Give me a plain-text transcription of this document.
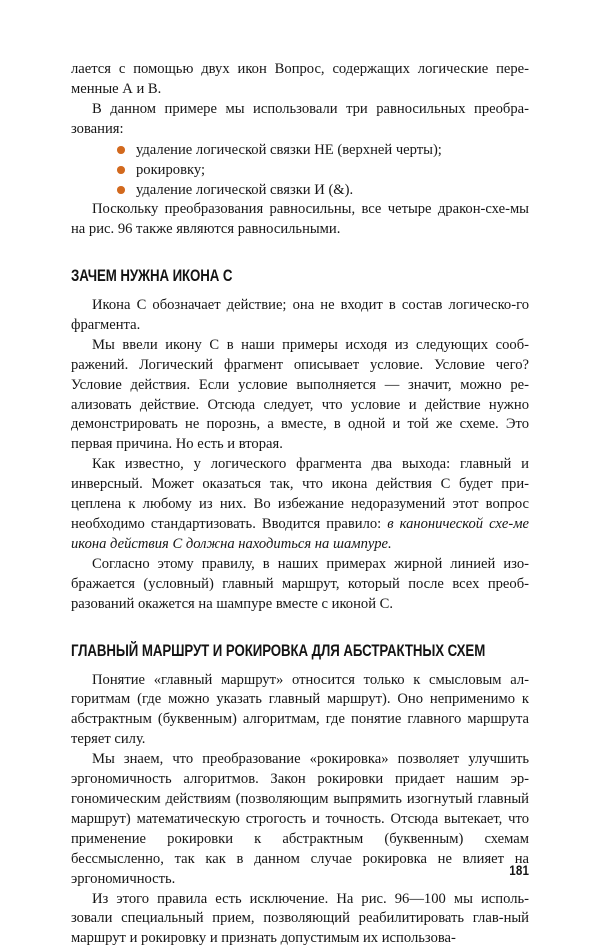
лается с помощью двух икон Вопрос, содержащих логические пере-менные А и В.

В данном примере мы использовали три равносильных преобра-зования:

удаление логической связки НЕ (верхней черты);
рокировку;
удаление логической связки И (&).

Поскольку преобразования равносильны, все четыре дракон-схе-мы на рис. 96 также являются равносильными.

ЗАЧЕМ НУЖНА ИКОНА С

Икона С обозначает действие; она не входит в состав логическо-го фрагмента.

Мы ввели икону С в наши примеры исходя из следующих сооб-ражений. Логический фрагмент описывает условие. Условие чего? Условие действия. Если условие выполняется — значит, можно ре-ализовать действие. Отсюда следует, что условие и действие нужно демонстрировать не порознь, а вместе, в одной и той же схеме. Это первая причина. Но есть и вторая.

Как известно, у логического фрагмента два выхода: главный и инверсный. Может оказаться так, что икона действия С будет при-цеплена к любому из них. Во избежание недоразумений этот вопрос необходимо стандартизовать. Вводится правило: в канонической схе-ме икона действия С должна находиться на шампуре.

Согласно этому правилу, в наших примерах жирной линией изо-бражается (условный) главный маршрут, который после всех преоб-разований окажется на шампуре вместе с иконой С.

ГЛАВНЫЙ МАРШРУТ И РОКИРОВКА ДЛЯ АБСТРАКТНЫХ СХЕМ

Понятие «главный маршрут» относится только к смысловым ал-горитмам (где можно указать главный маршрут). Оно неприменимо к абстрактным (буквенным) алгоритмам, где понятие главного маршрута теряет силу.

Мы знаем, что преобразование «рокировка» позволяет улучшить эргономичность алгоритмов. Закон рокировки придает нашим эр-гономическим действиям (позволяющим выпрямить изогнутый главный маршрут) математическую строгость и точность. Отсюда вытекает, что применение рокировки к абстрактным (буквенным) схемам бессмысленно, так как в данном случае рокировка не влияет на эргономичность.

Из этого правила есть исключение. На рис. 96—100 мы исполь-зовали специальный прием, позволяющий реабилитировать глав-ный маршрут и рокировку и признать допустимым их использова-

181
